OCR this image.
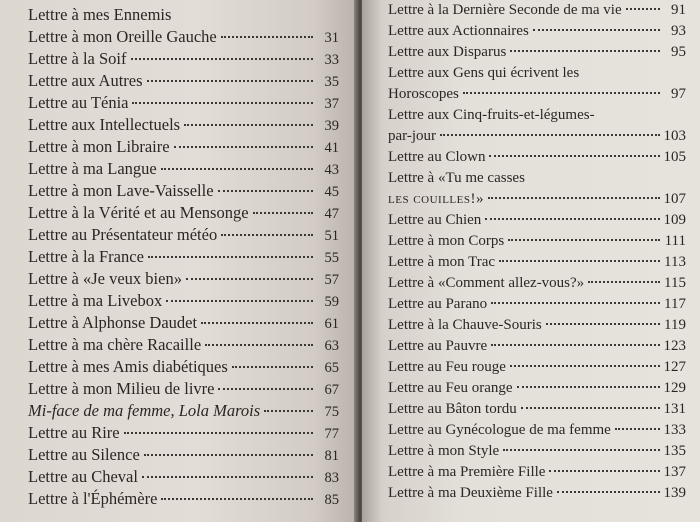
Lettre à mes Ennemis
Lettre à mon Oreille Gauche	31
Lettre à la Soif	33
Lettre aux Autres	35
Lettre au Ténia	37
Lettre aux Intellectuels	39
Lettre à mon Libraire	41
Lettre à ma Langue	43
Lettre à mon Lave-Vaisselle	45
Lettre à la Vérité et au Mensonge	47
Lettre au Présentateur météo	51
Lettre à la France	55
Lettre à «Je veux bien»	57
Lettre à ma Livebox	59
Lettre à Alphonse Daudet	61
Lettre à ma chère Racaille	63
Lettre à mes Amis diabétiques	65
Lettre à mon Milieu de livre	67
Mi-face de ma femme, Lola Marois	75
Lettre au Rire	77
Lettre au Silence	81
Lettre au Cheval	83
Lettre à l'Éphémère	85
Lettre à la Dernière Seconde de ma vie	91
Lettre aux Actionnaires	93
Lettre aux Disparus	95
Lettre aux Gens qui écrivent les
Horoscopes	97
Lettre aux Cinq-fruits-et-légumes-
par-jour	103
Lettre au Clown	105
Lettre à «Tu me casses
les couilles!»	107
Lettre au Chien	109
Lettre à mon Corps	111
Lettre à mon Trac	113
Lettre à «Comment allez-vous?»	115
Lettre au Parano	117
Lettre à la Chauve-Souris	119
Lettre au Pauvre	123
Lettre au Feu rouge	127
Lettre au Feu orange	129
Lettre au Bâton tordu	131
Lettre au Gynécologue de ma femme	133
Lettre à mon Style	135
Lettre à ma Première Fille	137
Lettre à ma Deuxième Fille	139
